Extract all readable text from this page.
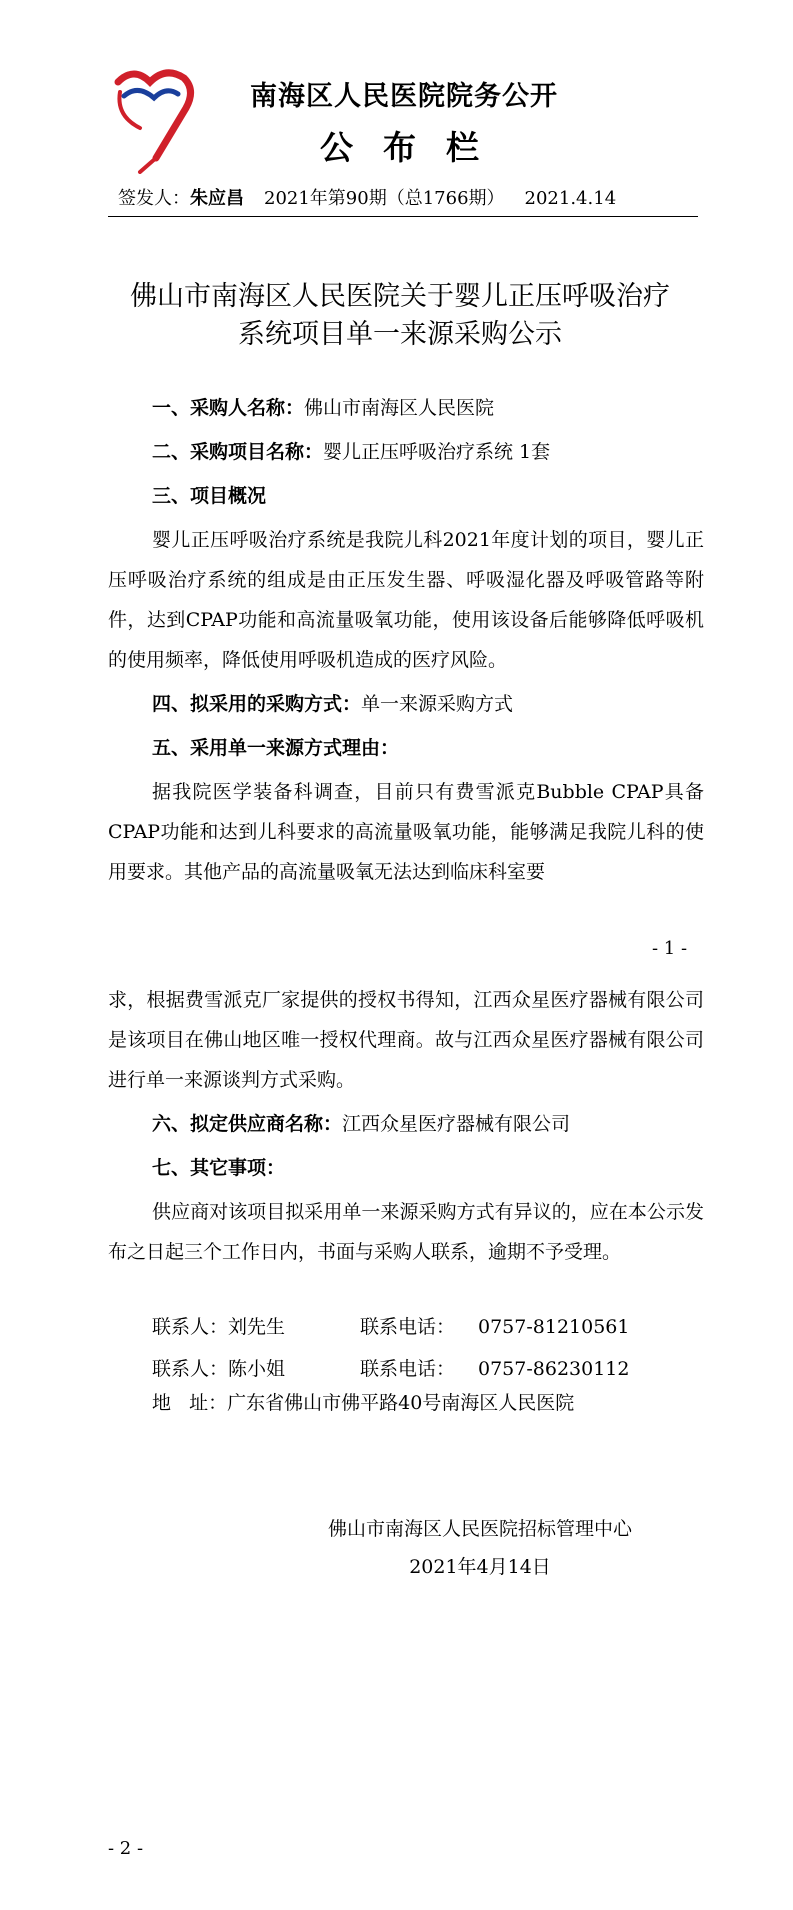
南海区人民医院院务公开
公布栏
签发人：朱应昌 2021年第90期（总1766期） 2021.4.14
佛山市南海区人民医院关于婴儿正压呼吸治疗
系统项目单一来源采购公示
一、采购人名称：佛山市南海区人民医院
二、采购项目名称：婴儿正压呼吸治疗系统 1套
三、项目概况

婴儿正压呼吸治疗系统是我院儿科2021年度计划的项目，婴儿正压呼吸治疗系统的组成是由正压发生器、呼吸湿化器及呼吸管路等附件，达到CPAP功能和高流量吸氧功能，使用该设备后能够降低呼吸机的使用频率，降低使用呼吸机造成的医疗风险。

四、拟采用的采购方式：单一来源采购方式
五、采用单一来源方式理由：

据我院医学装备科调查，目前只有费雪派克Bubble CPAP具备CPAP功能和达到儿科要求的高流量吸氧功能，能够满足我院儿科的使用要求。其他产品的高流量吸氧无法达到临床科室要

- 1 -

求，根据费雪派克厂家提供的授权书得知，江西众星医疗器械有限公司是该项目在佛山地区唯一授权代理商。故与江西众星医疗器械有限公司进行单一来源谈判方式采购。

六、拟定供应商名称：江西众星医疗器械有限公司
七、其它事项：

供应商对该项目拟采用单一来源采购方式有异议的，应在本公示发布之日起三个工作日内，书面与采购人联系，逾期不予受理。

联系人：刘先生	联系电话： 0757-81210561
联系人：陈小姐	联系电话： 0757-86230112
地   址：广东省佛山市佛平路40号南海区人民医院
佛山市南海区人民医院招标管理中心
2021年4月14日
- 2 -
